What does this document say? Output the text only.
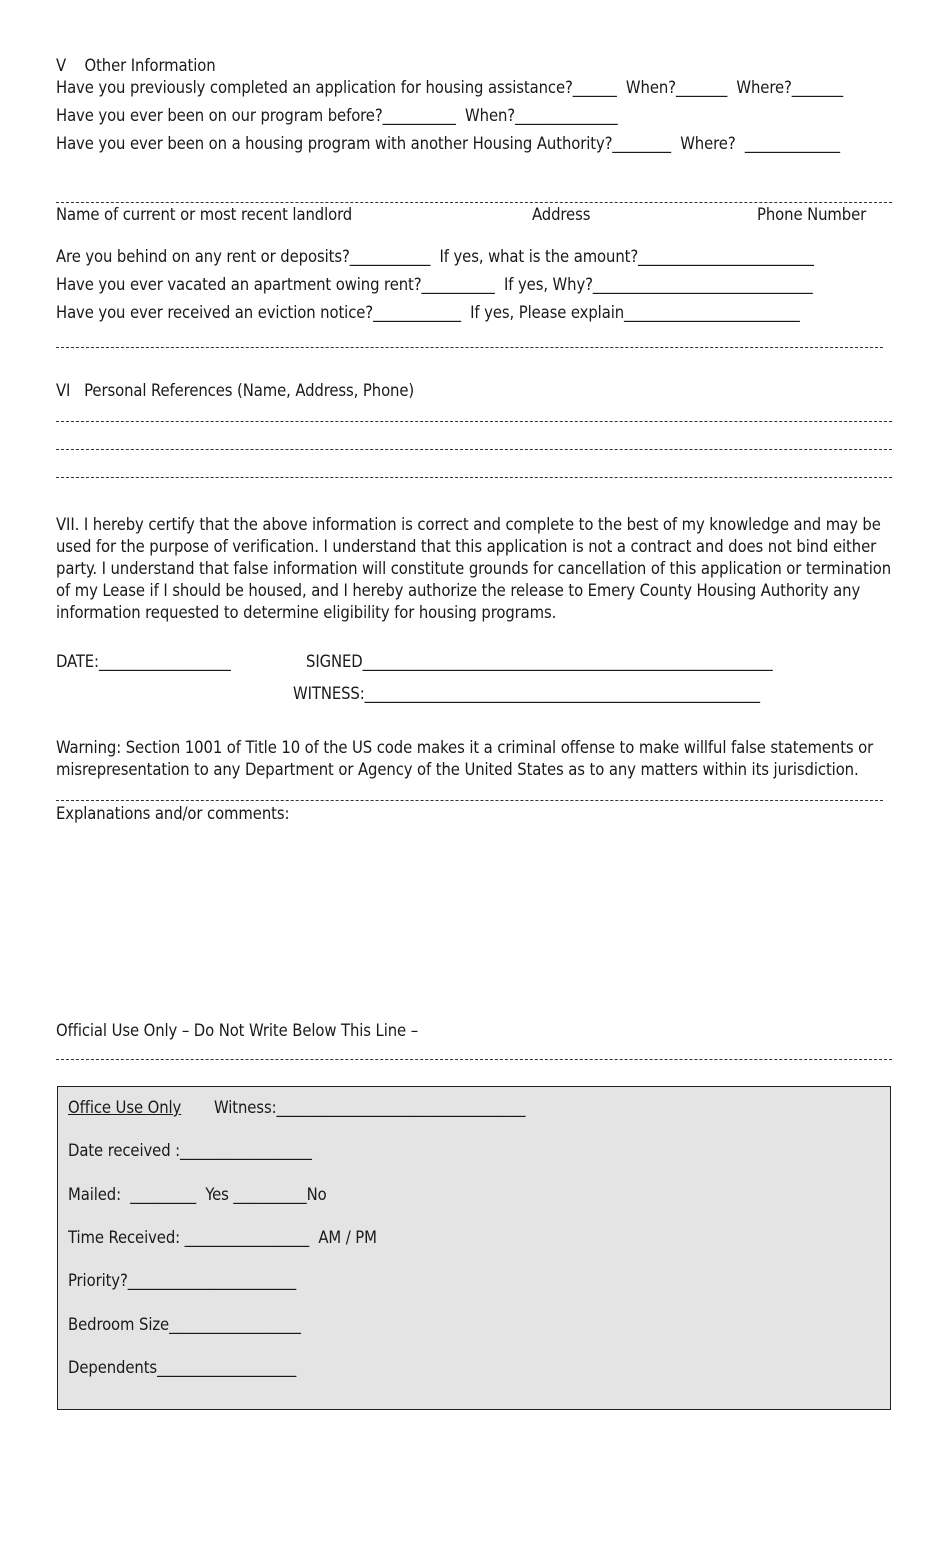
V    Other Information
Have you previously completed an application for housing assistance?______  When?_______  Where?_______
Have you ever been on our program before?__________  When?______________
Have you ever been on a housing program with another Housing Authority?________  Where?  _____________
Name of current or most recent landlord	Address	Phone Number
Are you behind on any rent or deposits?___________  If yes, what is the amount?________________________
Have you ever vacated an apartment owing rent?__________  If yes, Why?______________________________
Have you ever received an eviction notice?____________  If yes, Please explain________________________
VI   Personal References (Name, Address, Phone)
VII. I hereby certify that the above information is correct and complete to the best of my knowledge and may be used for the purpose of verification. I understand that this application is not a contract and does not bind either party. I understand that false information will constitute grounds for cancellation of this application or termination of my Lease if I should be housed, and I hereby authorize the release to Emery County Housing Authority any information requested to determine eligibility for housing programs.
DATE:__________________	SIGNED________________________________________________________
WITNESS:______________________________________________________
Warning: Section 1001 of Title 10 of the US code makes it a criminal offense to make willful false statements or misrepresentation to any Department or Agency of the United States as to any matters within its jurisdiction.
Explanations and/or comments:
Official Use Only – Do Not Write Below This Line –
Office Use Only Witness:__________________________________
Date received :__________________
Mailed:  _________  Yes __________No
Time Received: _________________  AM / PM
Priority?_______________________
Bedroom Size__________________
Dependents___________________
